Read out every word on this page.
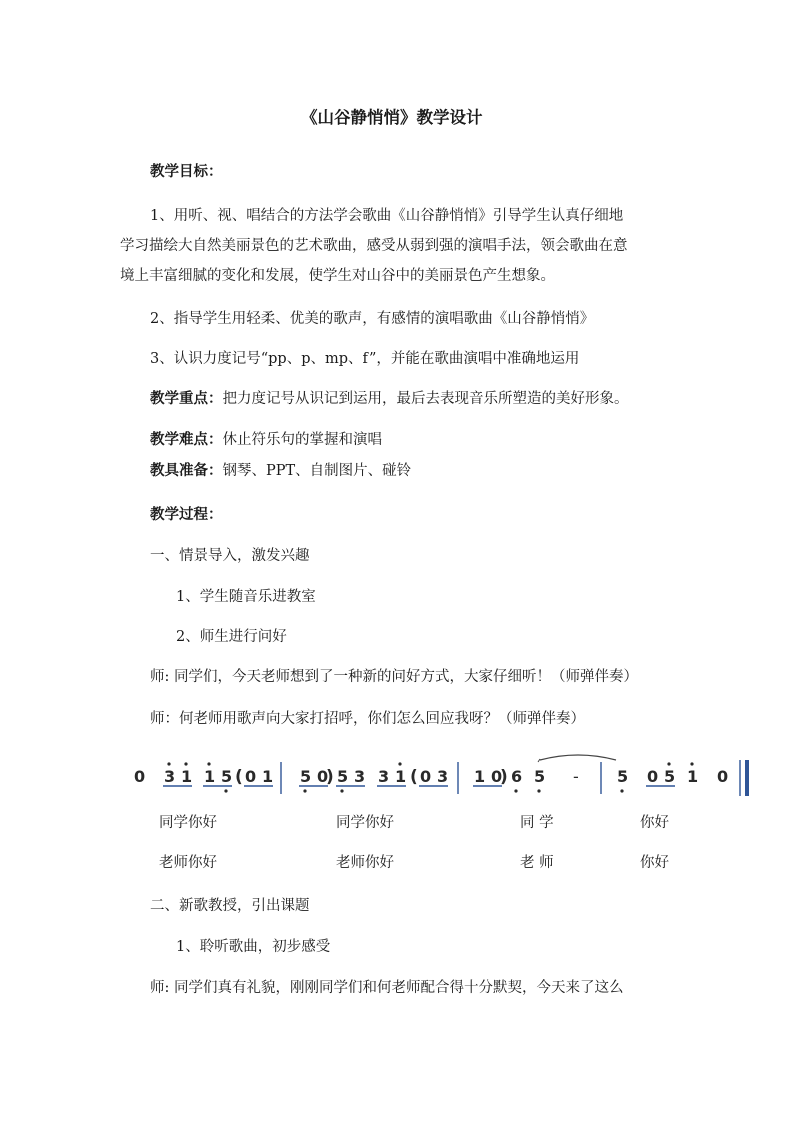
《山谷静悄悄》教学设计
教学目标：
1、用听、视、唱结合的方法学会歌曲《山谷静悄悄》引导学生认真仔细地
学习描绘大自然美丽景色的艺术歌曲，感受从弱到强的演唱手法，领会歌曲在意
境上丰富细腻的变化和发展，使学生对山谷中的美丽景色产生想象。
2、指导学生用轻柔、优美的歌声，有感情的演唱歌曲《山谷静悄悄》
3、认识力度记号“pp、p、mp、f”，并能在歌曲演唱中准确地运用
教学重点：把力度记号从识记到运用，最后去表现音乐所塑造的美好形象。
教学难点：休止符乐句的掌握和演唱
教具准备：钢琴、PPT、自制图片、碰铃
教学过程：
一、情景导入，激发兴趣
1、学生随音乐进教室
2、师生进行问好
师: 同学们，今天老师想到了一种新的问好方式，大家仔细听！（师弹伴奏）
师：何老师用歌声向大家打招呼，你们怎么回应我呀？（师弹伴奏）
0 3 1 1 5 ( 0 1 5 0
) 5 3 3 1 ( 0 3 1 0
) 6 5 - 5 0 5 1 0
同学你好	同学你好	同 学	你好
老师你好	老师你好	老 师	你好
二、新歌教授，引出课题
1、聆听歌曲，初步感受
师: 同学们真有礼貌，刚刚同学们和何老师配合得十分默契，今天来了这么
